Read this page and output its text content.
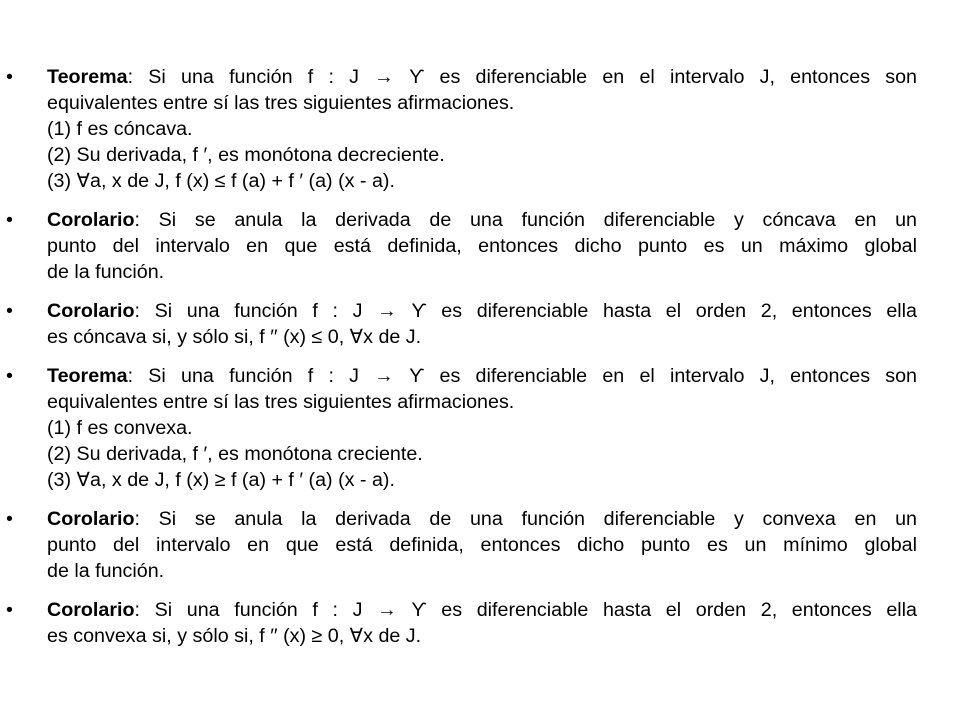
Teorema: Si una función f : J → ϒ es diferenciable en el intervalo J, entonces son
equivalentes entre sí las tres siguientes afirmaciones.
(1) f es cóncava.
(2) Su derivada, f ′, es monótona decreciente.
(3) ∀a, x de J, f (x) ≤ f (a) + f ′ (a) (x - a).
Corolario: Si se anula la derivada de una función diferenciable y cóncava en un
punto del intervalo en que está definida, entonces dicho punto es un máximo global
de la función.
Corolario: Si una función f : J → ϒ es diferenciable hasta el orden 2, entonces ella
es cóncava si, y sólo si, f ′′ (x) ≤ 0, ∀x de J.
Teorema: Si una función f : J → ϒ es diferenciable en el intervalo J, entonces son
equivalentes entre sí las tres siguientes afirmaciones.
(1) f es convexa.
(2) Su derivada, f ′, es monótona creciente.
(3) ∀a, x de J, f (x) ≥ f (a) + f ′ (a) (x - a).
Corolario: Si se anula la derivada de una función diferenciable y convexa en un
punto del intervalo en que está definida, entonces dicho punto es un mínimo global
de la función.
Corolario: Si una función f : J → ϒ es diferenciable hasta el orden 2, entonces ella
es convexa si, y sólo si, f ′′ (x) ≥ 0, ∀x de J.
